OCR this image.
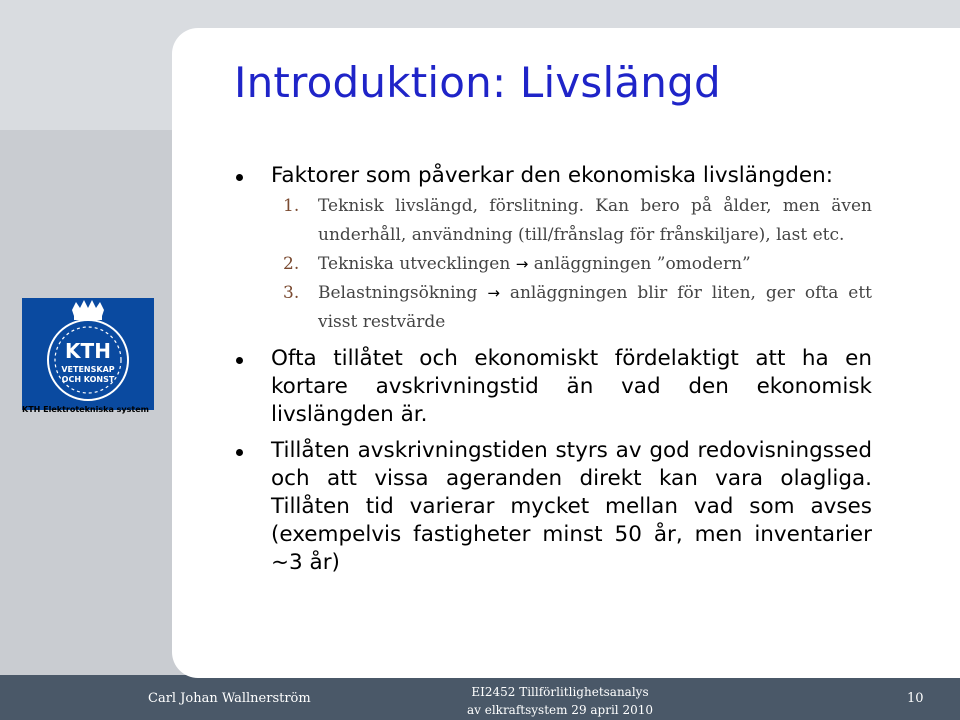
Introduktion: Livslängd
KTH
VETENSKAP
OCH KONST
KTH Elektrotekniska system
Faktorer som påverkar den ekonomiska livslängden:
1. Teknisk livslängd, förslitning. Kan bero på ålder, men även underhåll, användning (till/frånslag för frånskiljare), last etc.
2. Tekniska utvecklingen → anläggningen ”omodern”
3. Belastningsökning → anläggningen blir för liten, ger ofta ett visst restvärde
Ofta tillåtet och ekonomiskt fördelaktigt att ha en kortare avskrivningstid än vad den ekonomisk livslängden är.
Tillåten avskrivningstiden styrs av god redovisningssed och att vissa ageranden direkt kan vara olagliga. Tillåten tid varierar mycket mellan vad som avses (exempelvis fastigheter minst 50 år, men inventarier ~3 år)
Carl Johan Wallnerström	EI2452 Tillförlitlighetsanalys
av elkraftsystem 29 april 2010
10
